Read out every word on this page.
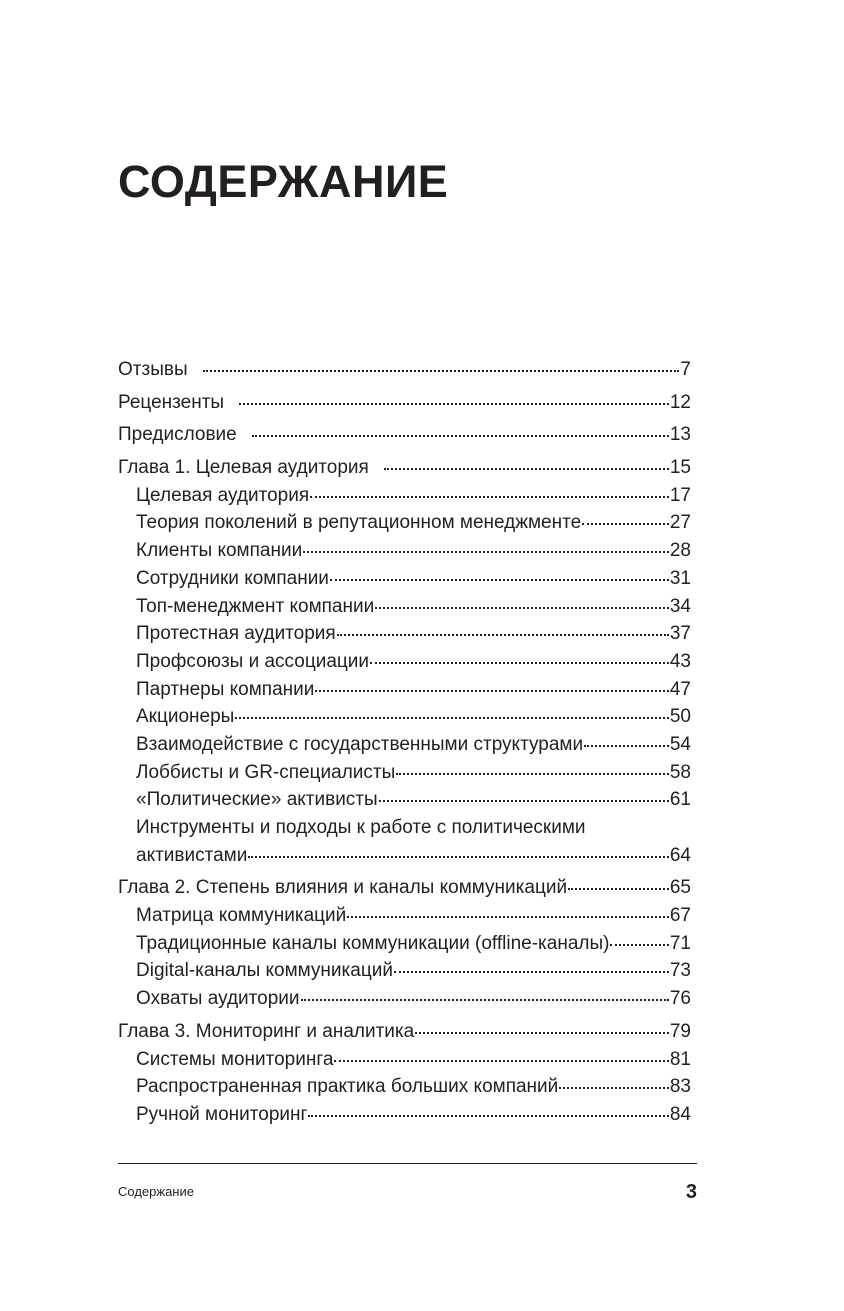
СОДЕРЖАНИЕ
Отзывы	7
Рецензенты	12
Предисловие	13
Глава 1. Целевая аудитория	15
Целевая аудитория	17
Теория поколений в репутационном менеджменте	27
Клиенты компании	28
Сотрудники компании	31
Топ-менеджмент компании	34
Протестная аудитория	37
Профсоюзы и ассоциации	43
Партнеры компании	47
Акционеры	50
Взаимодействие с государственными структурами	54
Лоббисты и GR-специалисты	58
«Политические» активисты	61
Инструменты и подходы к работе с политическими
активистами	64
Глава 2. Степень влияния и каналы коммуникаций	65
Матрица коммуникаций	67
Традиционные каналы коммуникации (offline-каналы)	71
Digital-каналы коммуникаций	73
Охваты аудитории	76
Глава 3. Мониторинг и аналитика	79
Системы мониторинга	81
Распространенная практика больших компаний	83
Ручной мониторинг	84
Содержание	3
